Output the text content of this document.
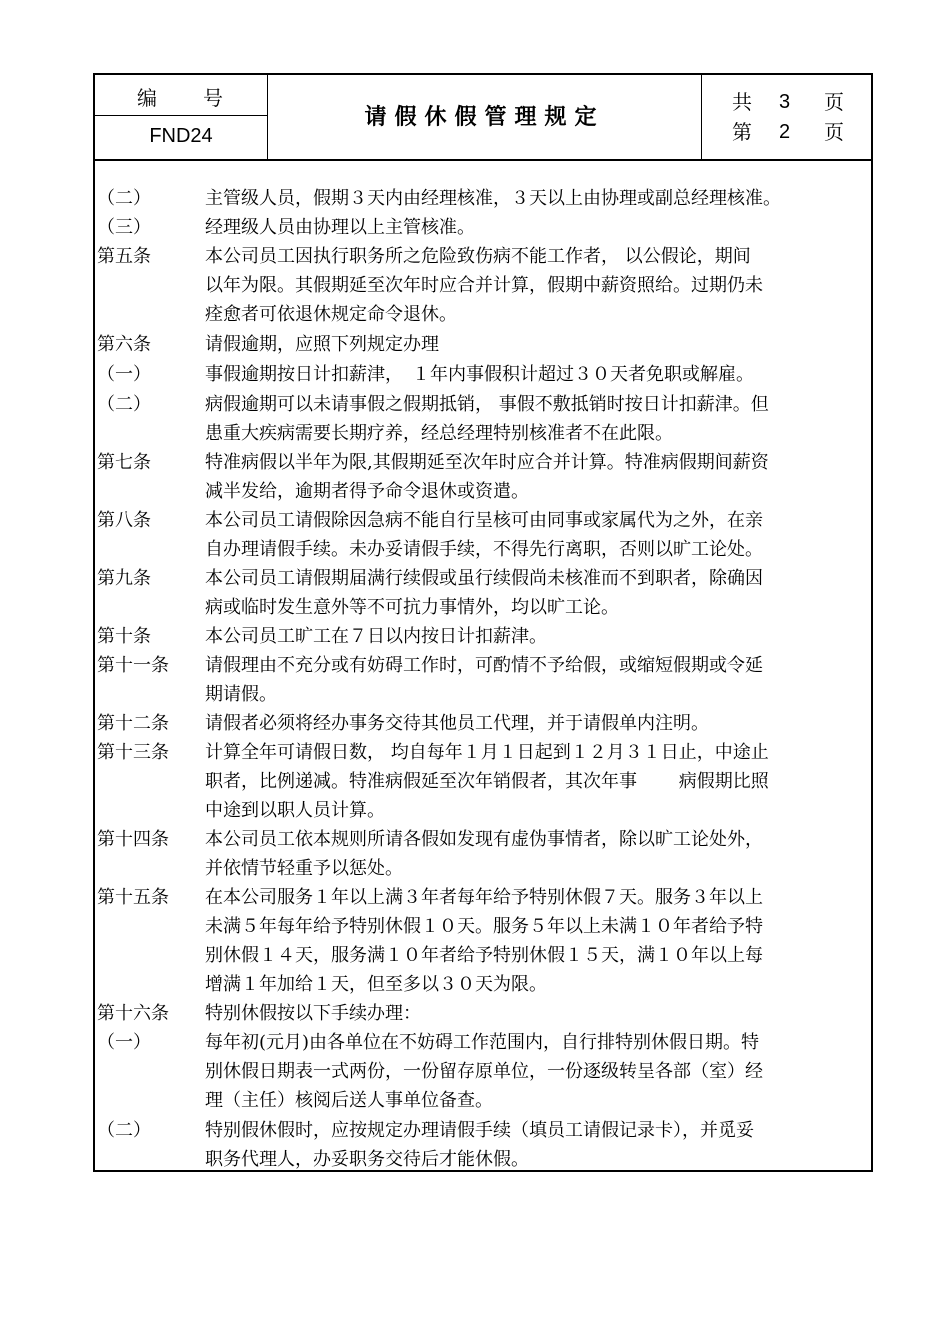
编 号
FND24
请假休假管理规定
共 3 页
第 2 页
（二）	主管级人员，假期３天内由经理核准，３天以上由协理或副总经理核准。
（三）	经理级人员由协理以上主管核准。
第五条	本公司员工因执行职务所之危险致伤病不能工作者， 以公假论，期间
以年为限。其假期延至次年时应合并计算，假期中薪资照给。过期仍未
痊愈者可依退休规定命令退休。
第六条	请假逾期，应照下列规定办理
（一）	事假逾期按日计扣薪津，　１年内事假积计超过３０天者免职或解雇。
（二）	病假逾期可以未请事假之假期抵销， 事假不敷抵销时按日计扣薪津。但
患重大疾病需要长期疗养，经总经理特别核准者不在此限。
第七条	特准病假以半年为限,其假期延至次年时应合并计算。特准病假期间薪资
减半发给，逾期者得予命令退休或资遣。
第八条	本公司员工请假除因急病不能自行呈核可由同事或家属代为之外，在亲
自办理请假手续。未办妥请假手续，不得先行离职，否则以旷工论处。
第九条	本公司员工请假期届满行续假或虽行续假尚未核准而不到职者，除确因
病或临时发生意外等不可抗力事情外，均以旷工论。
第十条	本公司员工旷工在７日以内按日计扣薪津。
第十一条 请假理由不充分或有妨碍工作时，可酌情不予给假，或缩短假期或令延
期请假。
第十二条 请假者必须将经办事务交待其他员工代理，并于请假单内注明。
第十三条 计算全年可请假日数， 均自每年１月１日起到１２月３１日止，中途止
职者，比例递减。特准病假延至次年销假者，其次年事　　 病假期比照
中途到以职人员计算。
第十四条 本公司员工依本规则所请各假如发现有虚伪事情者，除以旷工论处外，
并依情节轻重予以惩处。
第十五条 在本公司服务１年以上满３年者每年给予特别休假７天。服务３年以上
未满５年每年给予特别休假１０天。服务５年以上未满１０年者给予特
别休假１４天，服务满１０年者给予特别休假１５天，满１０年以上每
增满１年加给１天，但至多以３０天为限。
第十六条 特别休假按以下手续办理：
（一）	每年初(元月)由各单位在不妨碍工作范围内，自行排特别休假日期。特
别休假日期表一式两份，一份留存原单位，一份逐级转呈各部（室）经
理（主任）核阅后送人事单位备查。
（二）	特别假休假时，应按规定办理请假手续（填员工请假记录卡），并觅妥
职务代理人，办妥职务交待后才能休假。
